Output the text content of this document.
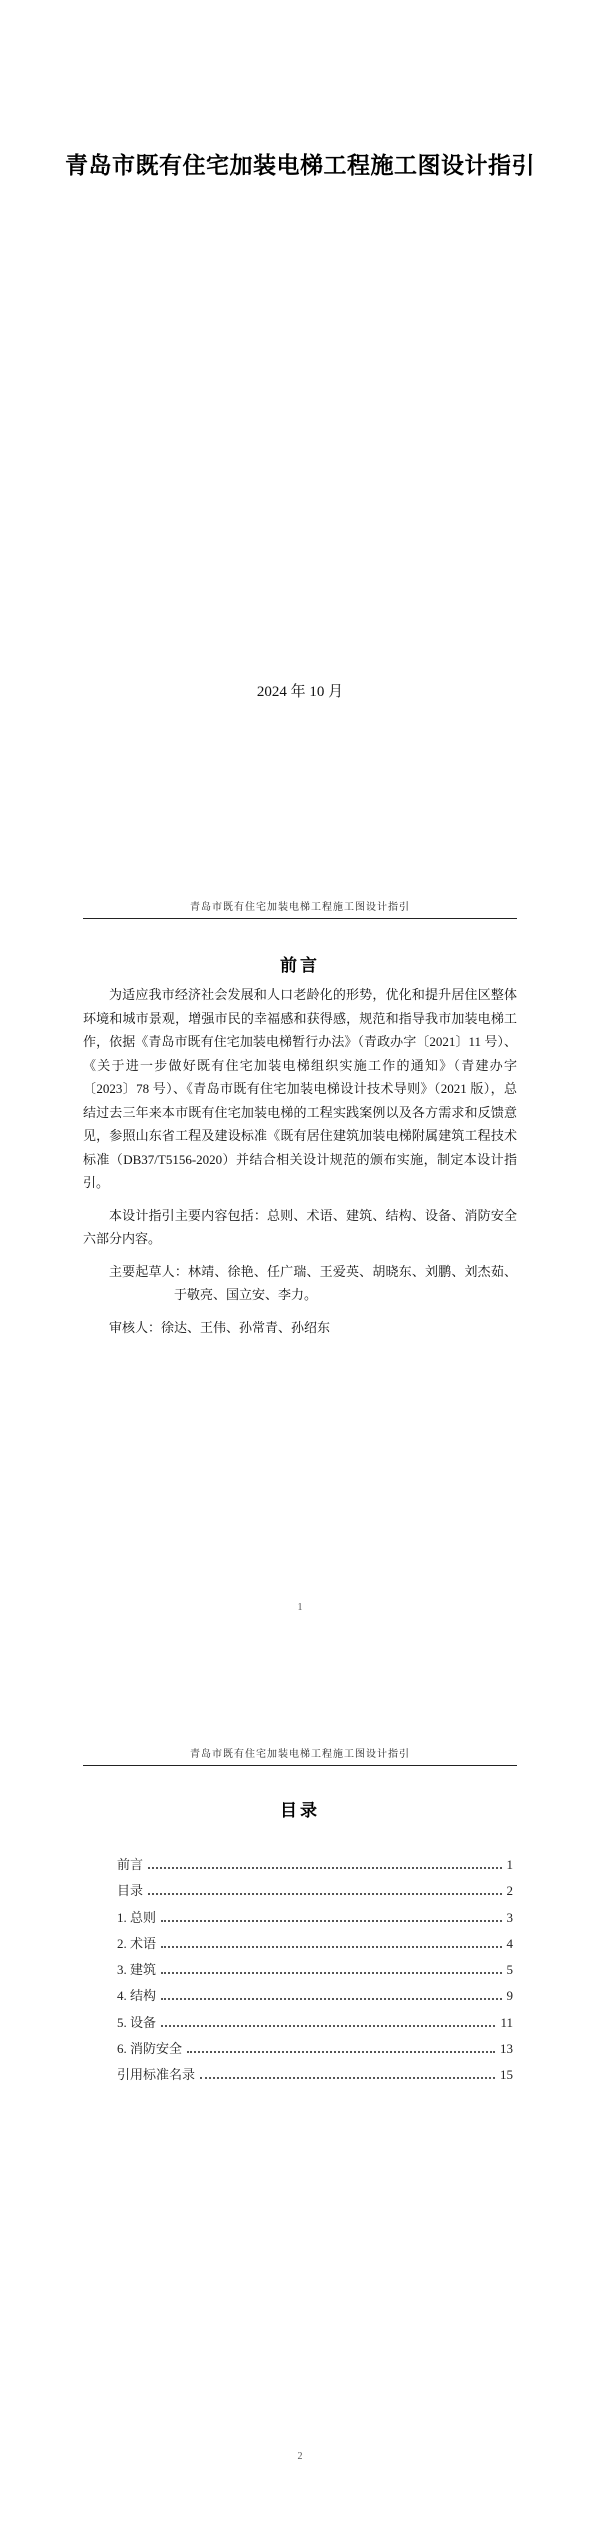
青岛市既有住宅加装电梯工程施工图设计指引
2024 年 10 月
青岛市既有住宅加装电梯工程施工图设计指引
前言

为适应我市经济社会发展和人口老龄化的形势，优化和提升居住区整体环境和城市景观，增强市民的幸福感和获得感，规范和指导我市加装电梯工作，依据《青岛市既有住宅加装电梯暂行办法》（青政办字〔2021〕11 号）、《关于进一步做好既有住宅加装电梯组织实施工作的通知》（青建办字〔2023〕78 号）、《青岛市既有住宅加装电梯设计技术导则》（2021 版），总结过去三年来本市既有住宅加装电梯的工程实践案例以及各方需求和反馈意见，参照山东省工程及建设标准《既有居住建筑加装电梯附属建筑工程技术标准（DB37/T5156-2020）并结合相关设计规范的颁布实施，制定本设计指引。

本设计指引主要内容包括：总则、术语、建筑、结构、设备、消防安全六部分内容。

主要起草人：林靖、徐艳、任广瑞、王爱英、胡晓东、刘鹏、刘杰茹、于敬亮、国立安、李力。

审核人：徐达、王伟、孙常青、孙绍东

1
青岛市既有住宅加装电梯工程施工图设计指引
目录
前言	1
目录	2
1. 总则	3
2. 术语	4
3. 建筑	5
4. 结构	9
5. 设备	11
6. 消防安全	13
引用标准名录	15
2
